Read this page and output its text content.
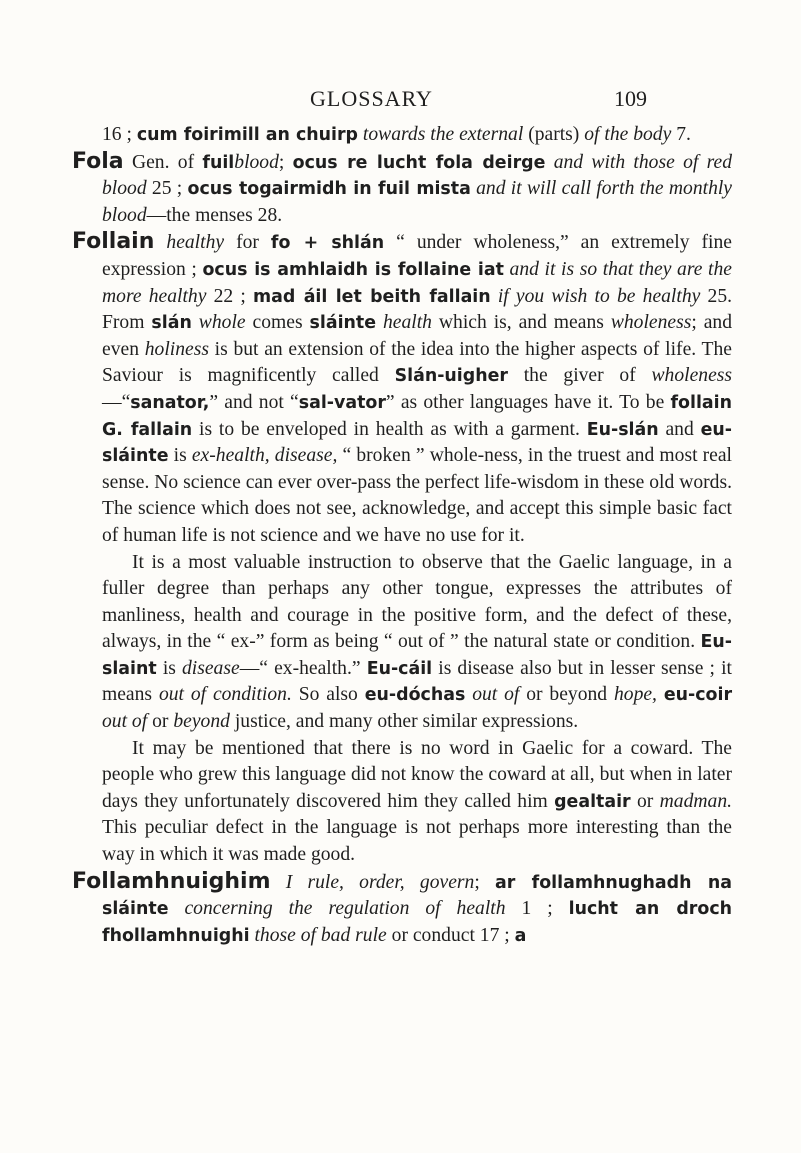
GLOSSARY	109

16 ; cum foirimill an chuirp towards the external (parts) of the body 7.

Fola Gen. of fuilblood; ocus re lucht fola deirge and with those of red blood 25 ; ocus togairmidh in fuil mista and it will call forth the monthly blood—the menses 28.

Follain healthy for fo + shlán “ under wholeness,” an extremely fine expression ; ocus is amhlaidh is follaine iat and it is so that they are the more healthy 22 ; mad áil let beith fallain if you wish to be healthy 25. From slán whole comes sláinte health which is, and means wholeness; and even holiness is but an extension of the idea into the higher aspects of life. The Saviour is magnificently called Slán-uigher the giver of wholeness—“sanator,” and not “sal-vator” as other languages have it. To be follain G. fallain is to be enveloped in health as with a garment. Eu-slán and eu-sláinte is ex-health, disease, “ broken ” whole-ness, in the truest and most real sense. No science can ever over-pass the perfect life-wisdom in these old words. The science which does not see, acknowledge, and accept this simple basic fact of human life is not science and we have no use for it.

It is a most valuable instruction to observe that the Gaelic language, in a fuller degree than perhaps any other tongue, expresses the attributes of manliness, health and courage in the positive form, and the defect of these, always, in the “ ex-” form as being “ out of ” the natural state or condition. Eu-slaint is disease—“ ex-health.” Eu-cáil is disease also but in lesser sense ; it means out of condition. So also eu-dóchas out of or beyond hope, eu-coir out of or beyond justice, and many other similar expressions.

It may be mentioned that there is no word in Gaelic for a coward. The people who grew this language did not know the coward at all, but when in later days they unfortunately discovered him they called him gealtair or madman. This peculiar defect in the language is not perhaps more interesting than the way in which it was made good.

Follamhnuighim I rule, order, govern; ar follamhnughadh na sláinte concerning the regulation of health 1 ; lucht an droch fhollamhnuighi those of bad rule or conduct 17 ; a
